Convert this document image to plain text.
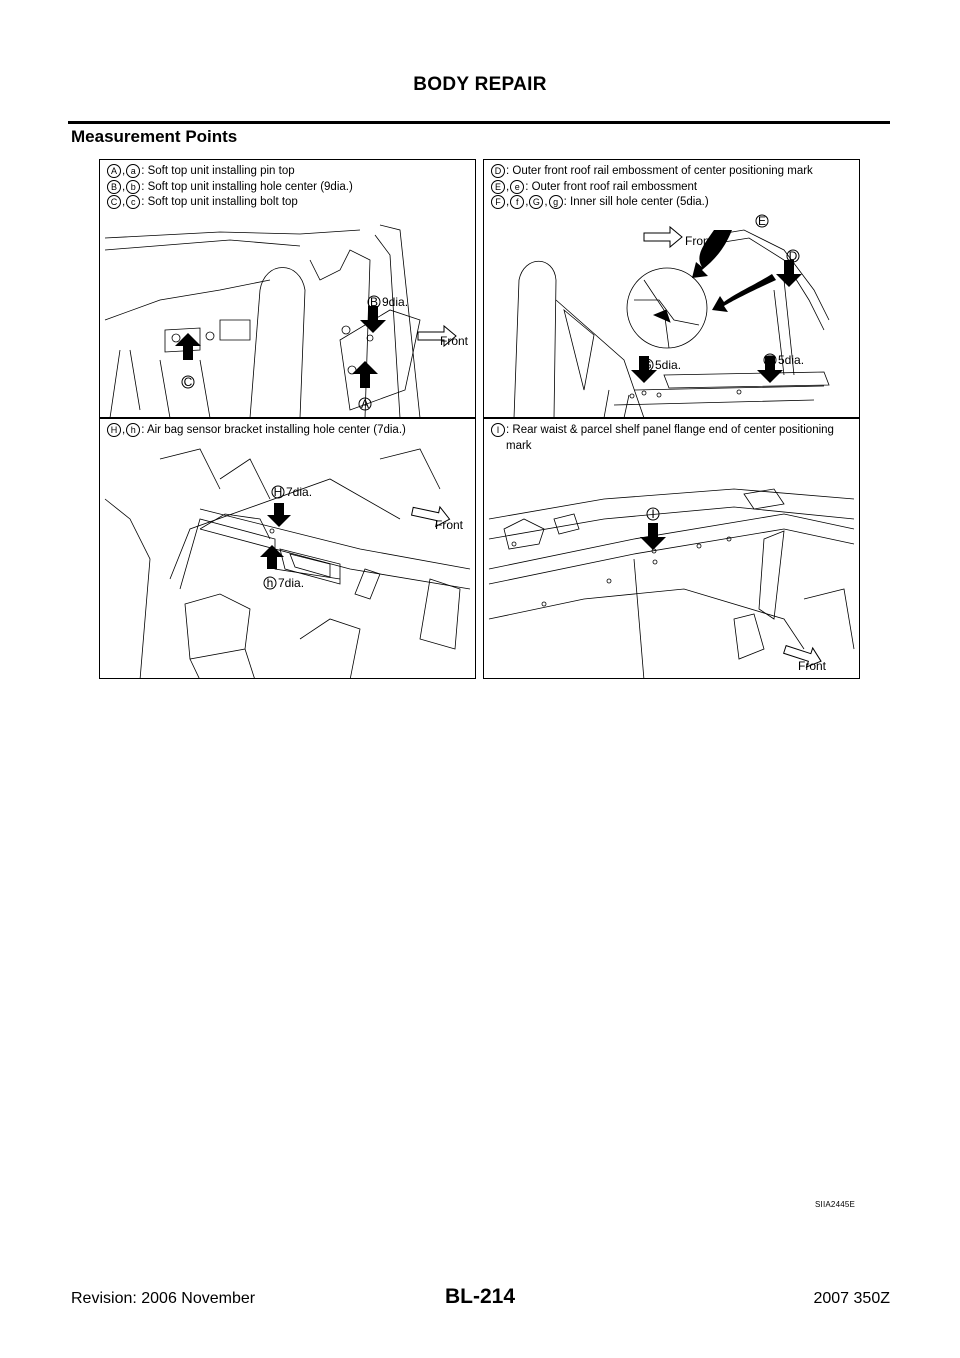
BODY REPAIR
Measurement Points
A , a : Soft top unit installing pin top
B , b : Soft top unit installing hole center (9dia.)
C , c : Soft top unit installing bolt top
B 9dia.
Front
A
C
D : Outer front roof rail embossment of center positioning mark
E , e : Outer front roof rail embossment
F , f , G , g : Inner sill hole center (5dia.)
Front
E
D
G 5dia.	F 5dia.
H , h : Air bag sensor bracket installing hole center (7dia.)
H 7dia.
h 7dia.
Front
I : Rear waist & parcel shelf panel flange end of center positioning
mark
I
Front
SIIA2445E
Revision: 2006 November	BL-214	2007 350Z
